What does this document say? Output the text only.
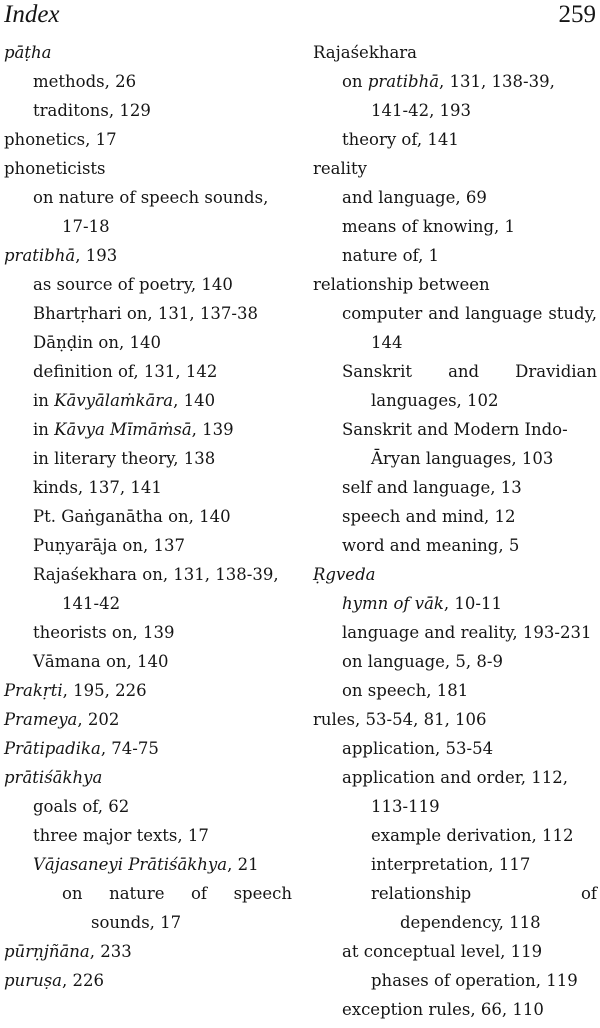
Index	259
pāṭha
methods, 26
traditons, 129
phonetics, 17
phoneticists
on nature of speech sounds, 17-18
pratibhā, 193
as source of poetry, 140
Bhartṛhari on, 131, 137-38
Dāṇḍin on, 140
definition of, 131, 142
in Kāvyālaṁkāra, 140
in Kāvya Mīmāṁsā, 139
in literary theory, 138
kinds, 137, 141
Pt. Gaṅganātha on, 140
Puṇyarāja on, 137
Rajaśekhara on, 131, 138-39, 141-42
theorists on, 139
Vāmana on, 140
Prakṛti, 195, 226
Prameya, 202
Prātipadika, 74-75
prātiśākhya
goals of, 62
three major texts, 17
Vājasaneyi Prātiśākhya, 21
on nature of speech sounds, 17
pūrṇjñāna, 233
puruṣa, 226
Rajaśekhara
on pratibhā, 131, 138-39, 141-42, 193
theory of, 141
reality
and language, 69
means of knowing, 1
nature of, 1
relationship between
computer and language study, 144
Sanskrit and Dravidian languages, 102
Sanskrit and Modern Indo-Āryan languages, 103
self and language, 13
speech and mind, 12
word and meaning, 5
Ṛgveda
hymn of vāk, 10-11
language and reality, 193-231
on language, 5, 8-9
on speech, 181
rules, 53-54, 81, 106
application, 53-54
application and order, 112, 113-119
example derivation, 112
interpretation, 117
relationship of dependency, 118
at conceptual level, 119
phases of operation, 119
exception rules, 66, 110
